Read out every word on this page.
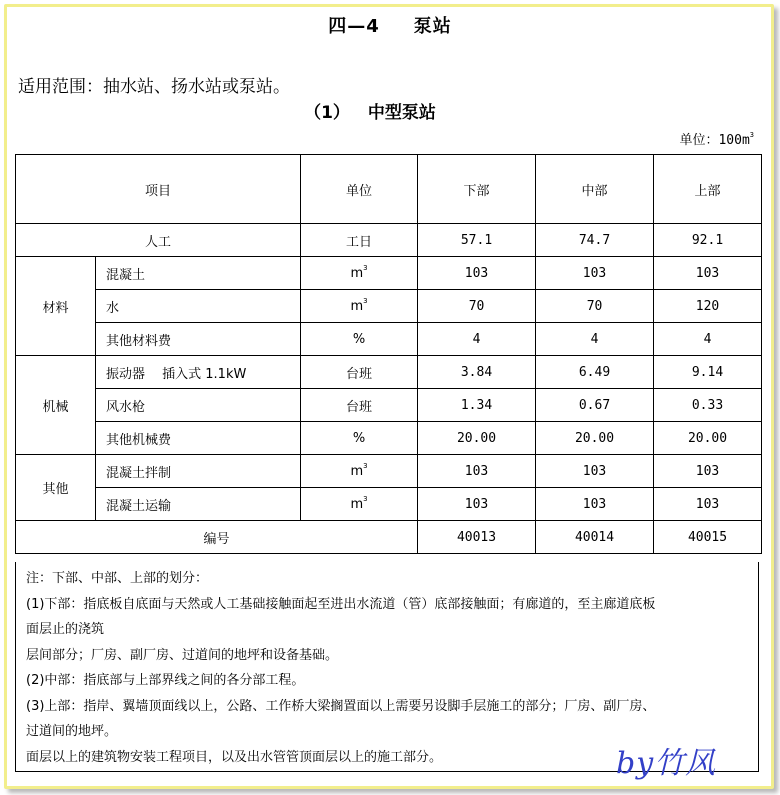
四—4 泵站
适用范围：抽水站、扬水站或泵站。
（1） 中型泵站
单位：$100m^3$
项目		单位	下部	中部	上部
人工		工日	57.1	74.7	92.1
材料	混凝土	$m^3$	103	103	103
	水	$m^3$	70	70	120
	其他材料费	%	4	4	4
机械	振动器　 插入式 1.1kW	台班	3.84	6.49	9.14
	风水枪	台班	1.34	0.67	0.33
	其他机械费	%	20.00	20.00	20.00
其他	混凝土拌制	$m^3$	103	103	103
	混凝土运输	$m^3$	103	103	103
编号			40013	40014	40015
注：下部、中部、上部的划分：
(1)下部：指底板自底面与天然或人工基础接触面起至进出水流道（管）底部接触面；有廊道的，至主廊道底板
面层止的浇筑
层间部分；厂房、副厂房、过道间的地坪和设备基础。
(2)中部：指底部与上部界线之间的各分部工程。
(3)上部：指岸、翼墙顶面线以上，公路、工作桥大梁搁置面以上需要另设脚手层施工的部分；厂房、副厂房、
过道间的地坪。
面层以上的建筑物安装工程项目，以及出水管管顶面层以上的施工部分。	by竹风
